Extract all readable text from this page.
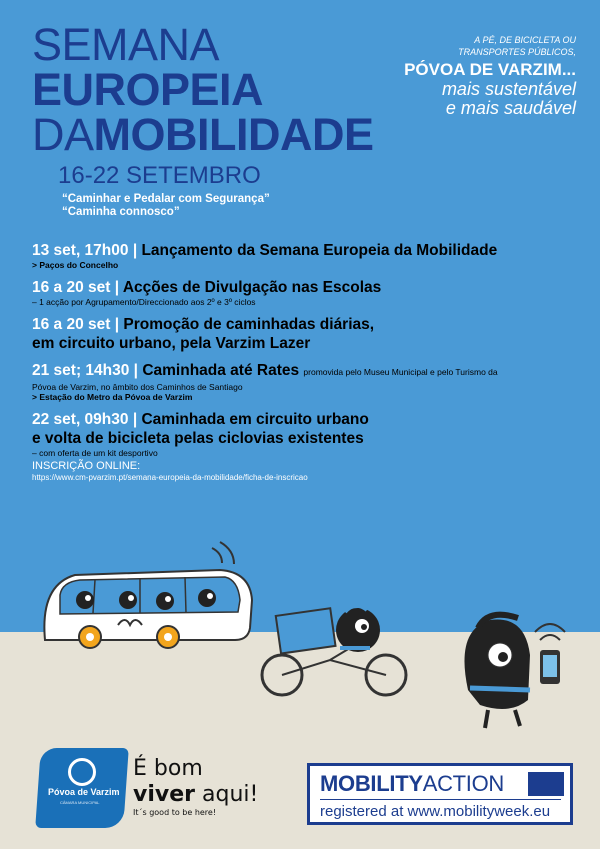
SEMANA
EUROPEIA
DAMOBILIDADE
16-22 SETEMBRO
“Caminhar e Pedalar com Segurança”
“Caminha connosco”
A PÉ, DE BICICLETA OU
TRANSPORTES PÚBLICOS,
PÓVOA DE VARZIM...
mais sustentável
e mais saudável
13 set, 17h00 | Lançamento da Semana Europeia da Mobilidade
> Paços do Concelho
16 a 20 set | Acções de Divulgação nas Escolas
– 1 acção por Agrupamento/Direccionado aos 2º e 3º ciclos
16 a 20 set | Promoção de caminhadas diárias,
em circuito urbano, pela Varzim Lazer
21 set; 14h30 | Caminhada até Rates promovida pelo Museu Municipal e pelo Turismo da
Póvoa de Varzim, no âmbito dos Caminhos de Santiago
> Estação do Metro da Póvoa de Varzim
22 set, 09h30 | Caminhada em circuito urbano
e volta de bicicleta pelas ciclovias existentes
– com oferta de um kit desportivo
INSCRIÇÃO ONLINE:
https://www.cm-pvarzim.pt/semana-europeia-da-mobilidade/ficha-de-inscricao
Póvoa de Varzim
CÂMARA MUNICIPAL
É bom
viver aqui!
It´s good to be here!
MOBILITYACTION
registered at www.mobilityweek.eu
